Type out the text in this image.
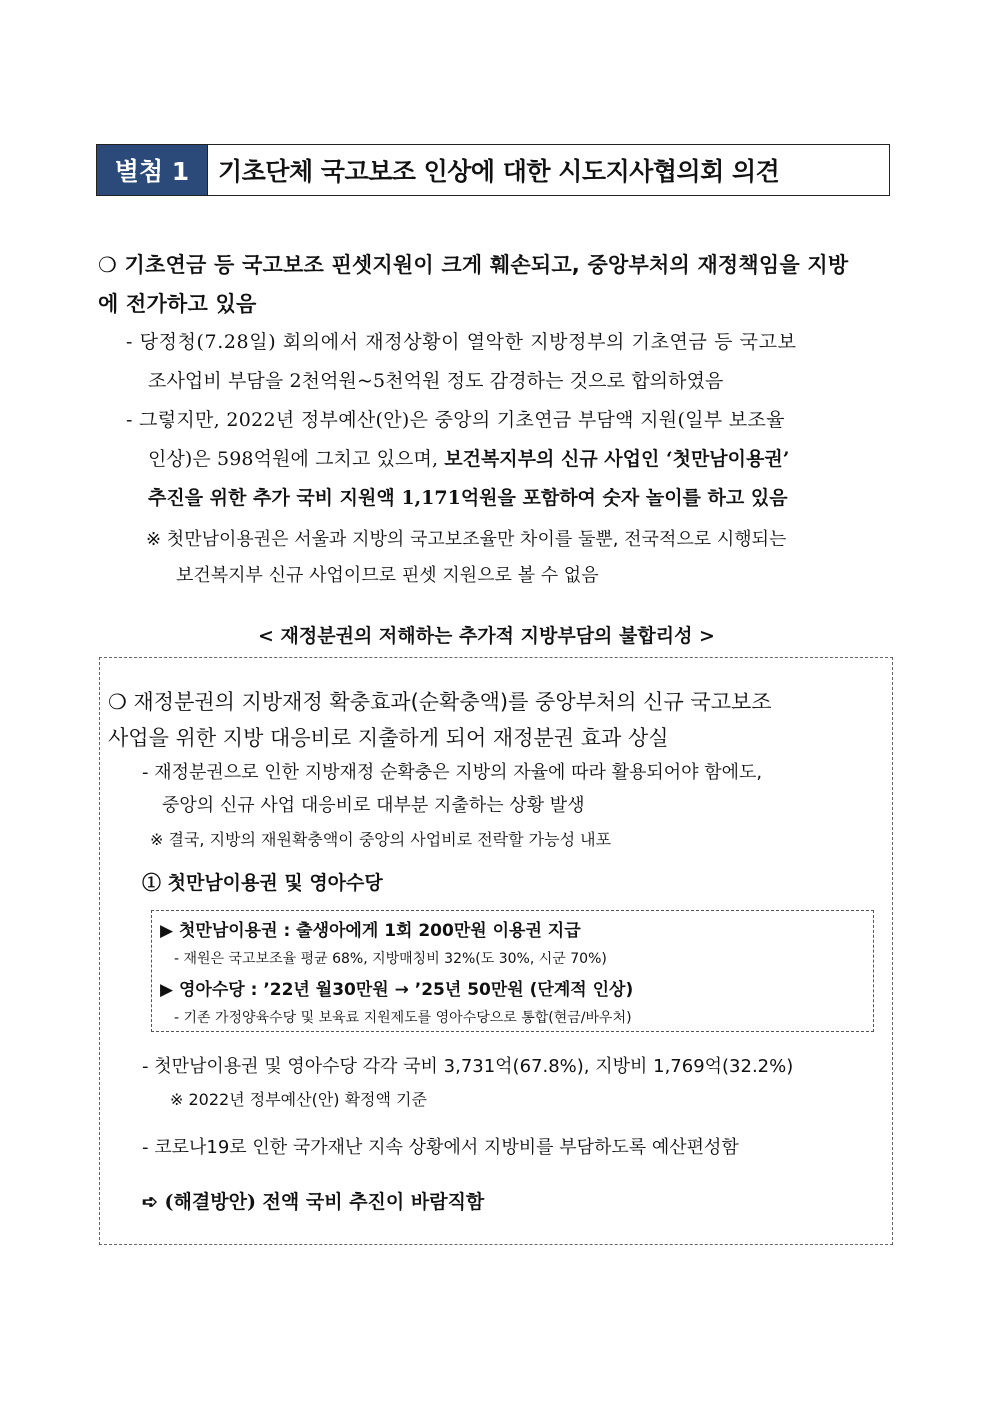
별첨 1	기초단체 국고보조 인상에 대한 시도지사협의회 의견
❍ 기초연금 등 국고보조 핀셋지원이 크게 훼손되고, 중앙부처의 재정책임을 지방
에 전가하고 있음
- 당정청(7.28일) 회의에서 재정상황이 열악한 지방정부의 기초연금 등 국고보
조사업비 부담을 2천억원~5천억원 정도 감경하는 것으로 합의하였음
- 그렇지만, 2022년 정부예산(안)은 중앙의 기초연금 부담액 지원(일부 보조율
인상)은 598억원에 그치고 있으며, 보건복지부의 신규 사업인 ‘첫만남이용권’
추진을 위한 추가 국비 지원액 1,171억원을 포함하여 숫자 놀이를 하고 있음
※ 첫만남이용권은 서울과 지방의 국고보조율만 차이를 둘뿐, 전국적으로 시행되는
보건복지부 신규 사업이므로 핀셋 지원으로 볼 수 없음
< 재정분권의 저해하는 추가적 지방부담의 불합리성 >
❍ 재정분권의 지방재정 확충효과(순확충액)를 중앙부처의 신규 국고보조
사업을 위한 지방 대응비로 지출하게 되어 재정분권 효과 상실
- 재정분권으로 인한 지방재정 순확충은 지방의 자율에 따라 활용되어야 함에도,
중앙의 신규 사업 대응비로 대부분 지출하는 상황 발생
※ 결국, 지방의 재원확충액이 중앙의 사업비로 전락할 가능성 내포
① 첫만남이용권 및 영아수당
▶ 첫만남이용권 : 출생아에게 1회 200만원 이용권 지급
- 재원은 국고보조율 평균 68%, 지방매칭비 32%(도 30%, 시군 70%)
▶ 영아수당 : ’22년 월30만원 → ’25년 50만원 (단계적 인상)
- 기존 가정양육수당 및 보육료 지원제도를 영아수당으로 통합(현금/바우처)
- 첫만남이용권 및 영아수당 각각 국비 3,731억(67.8%), 지방비 1,769억(32.2%)
※ 2022년 정부예산(안) 확정액 기준
- 코로나19로 인한 국가재난 지속 상황에서 지방비를 부담하도록 예산편성함
➪ (해결방안) 전액 국비 추진이 바람직함
